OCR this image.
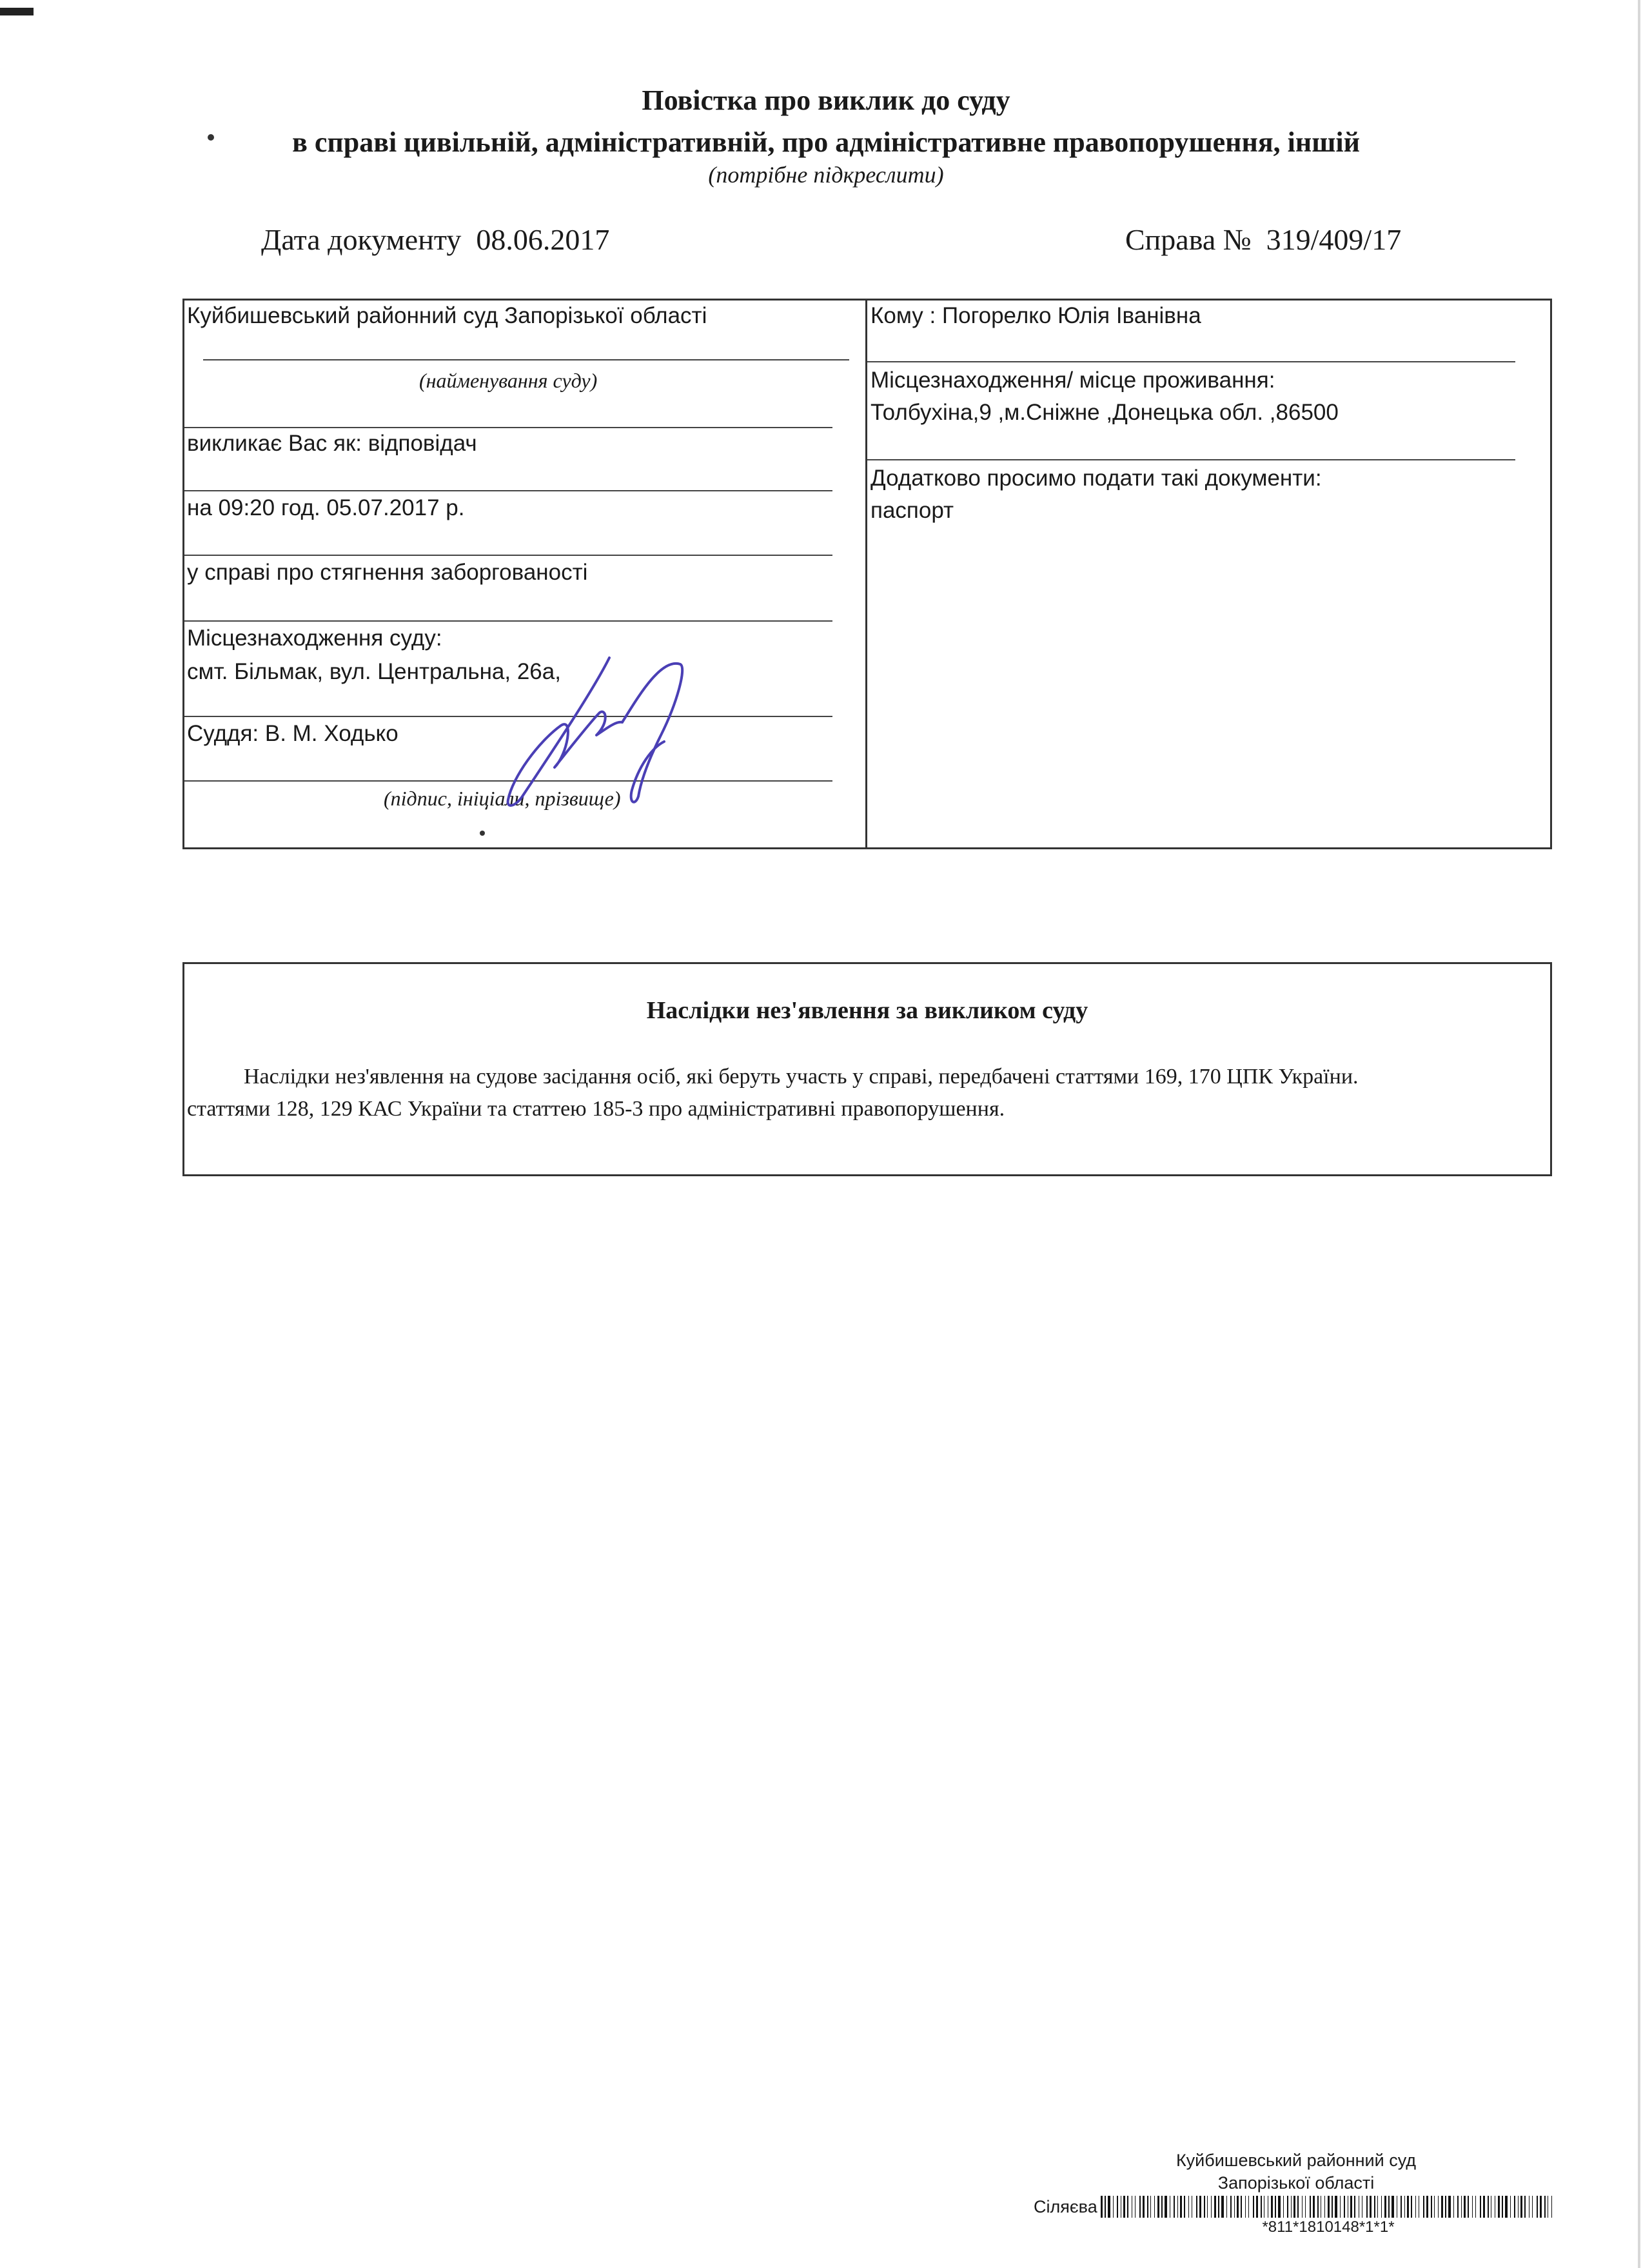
Повістка про виклик до суду
в справі цивільній, адміністративній, про адміністративне правопорушення, іншій
(потрібне підкреслити)
Дата документу 08.06.2017	Справа № 319/409/17
Куйбишевський районний суд Запорізької області
(найменування суду)
викликає Вас як: відповідач
на 09:20 год. 05.07.2017 р.
у справі про стягнення заборгованості
Місцезнаходження суду:
смт. Більмак, вул. Центральна, 26а,
Суддя: В. М. Ходько
(підпис, ініціали, прізвище)
Кому : Погорелко Юлія Іванівна
Місцезнаходження/ місце проживання:
Толбухіна,9 ,м.Сніжне ,Донецька обл. ,86500
Додатково просимо подати такі документи:
паспорт
Наслідки нез'явлення за викликом суду
Наслідки нез'явлення на судове засідання осіб, які беруть участь у справі, передбачені статтями 169, 170 ЦПК України.
статтями 128, 129 КАС України та статтею 185-3 про адміністративні правопорушення.
Куйбишевський районний суд
Запорізької області
Сіляєва
*811*1810148*1*1*
